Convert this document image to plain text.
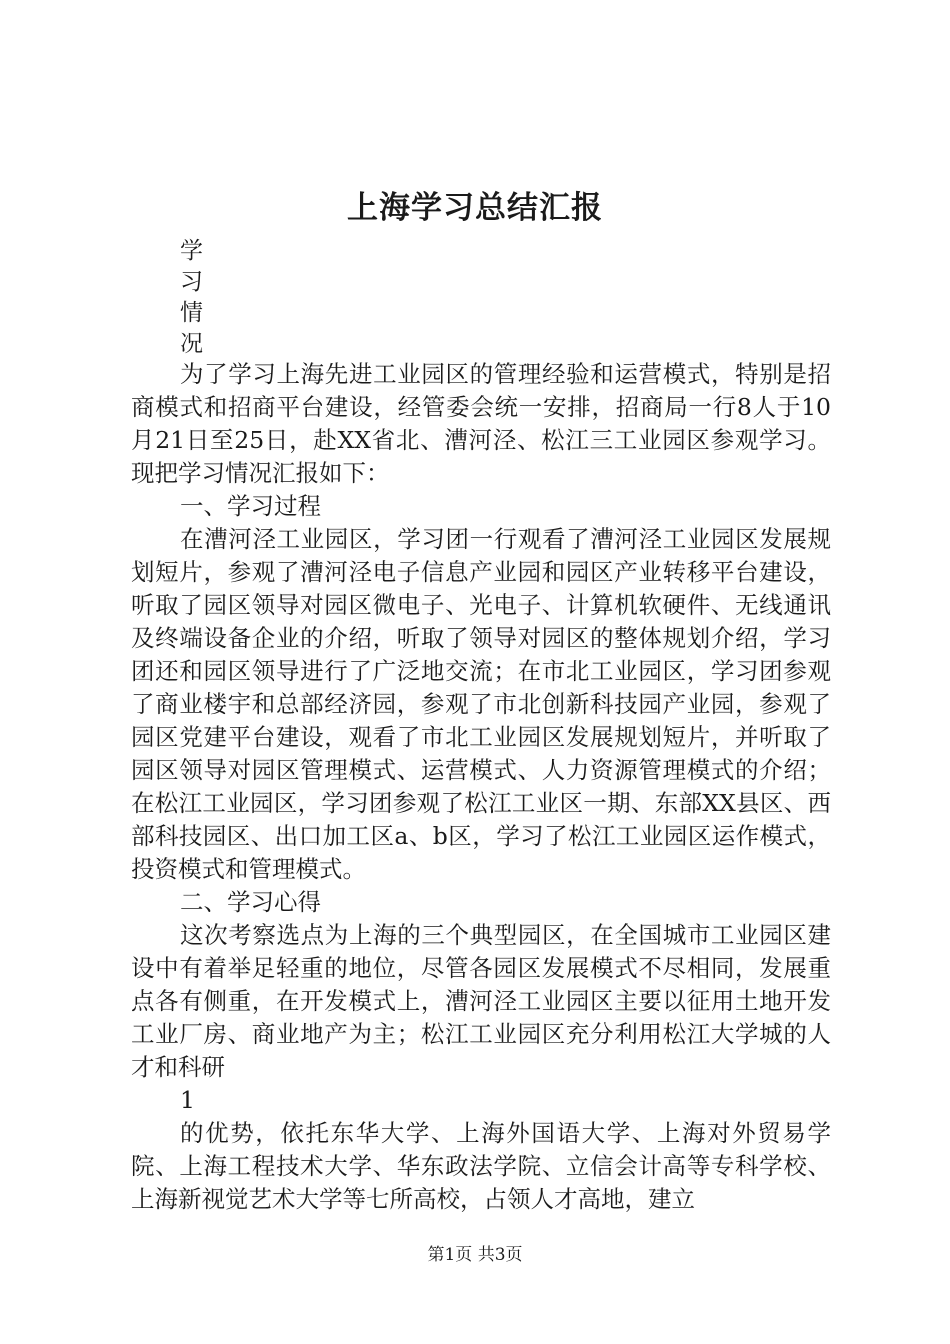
上海学习总结汇报
学
习
情
况

为了学习上海先进工业园区的管理经验和运营模式，特别是招商模式和招商平台建设，经管委会统一安排，招商局一行8人于10月21日至25日，赴XX省北、漕河泾、松江三工业园区参观学习。现把学习情况汇报如下：

一、学习过程

在漕河泾工业园区，学习团一行观看了漕河泾工业园区发展规划短片，参观了漕河泾电子信息产业园和园区产业转移平台建设，听取了园区领导对园区微电子、光电子、计算机软硬件、无线通讯及终端设备企业的介绍，听取了领导对园区的整体规划介绍，学习团还和园区领导进行了广泛地交流；在市北工业园区，学习团参观了商业楼宇和总部经济园，参观了市北创新科技园产业园，参观了园区党建平台建设，观看了市北工业园区发展规划短片，并听取了园区领导对园区管理模式、运营模式、人力资源管理模式的介绍；在松江工业园区，学习团参观了松江工业区一期、东部XX县区、西部科技园区、出口加工区a、b区，学习了松江工业园区运作模式，投资模式和管理模式。

二、学习心得

这次考察选点为上海的三个典型园区，在全国城市工业园区建设中有着举足轻重的地位，尽管各园区发展模式不尽相同，发展重点各有侧重，在开发模式上，漕河泾工业园区主要以征用土地开发工业厂房、商业地产为主；松江工业园区充分利用松江大学城的人才和科研

1

的优势，依托东华大学、上海外国语大学、上海对外贸易学院、上海工程技术大学、华东政法学院、立信会计高等专科学校、上海新视觉艺术大学等七所高校，占领人才高地，建立

第1页 共3页
